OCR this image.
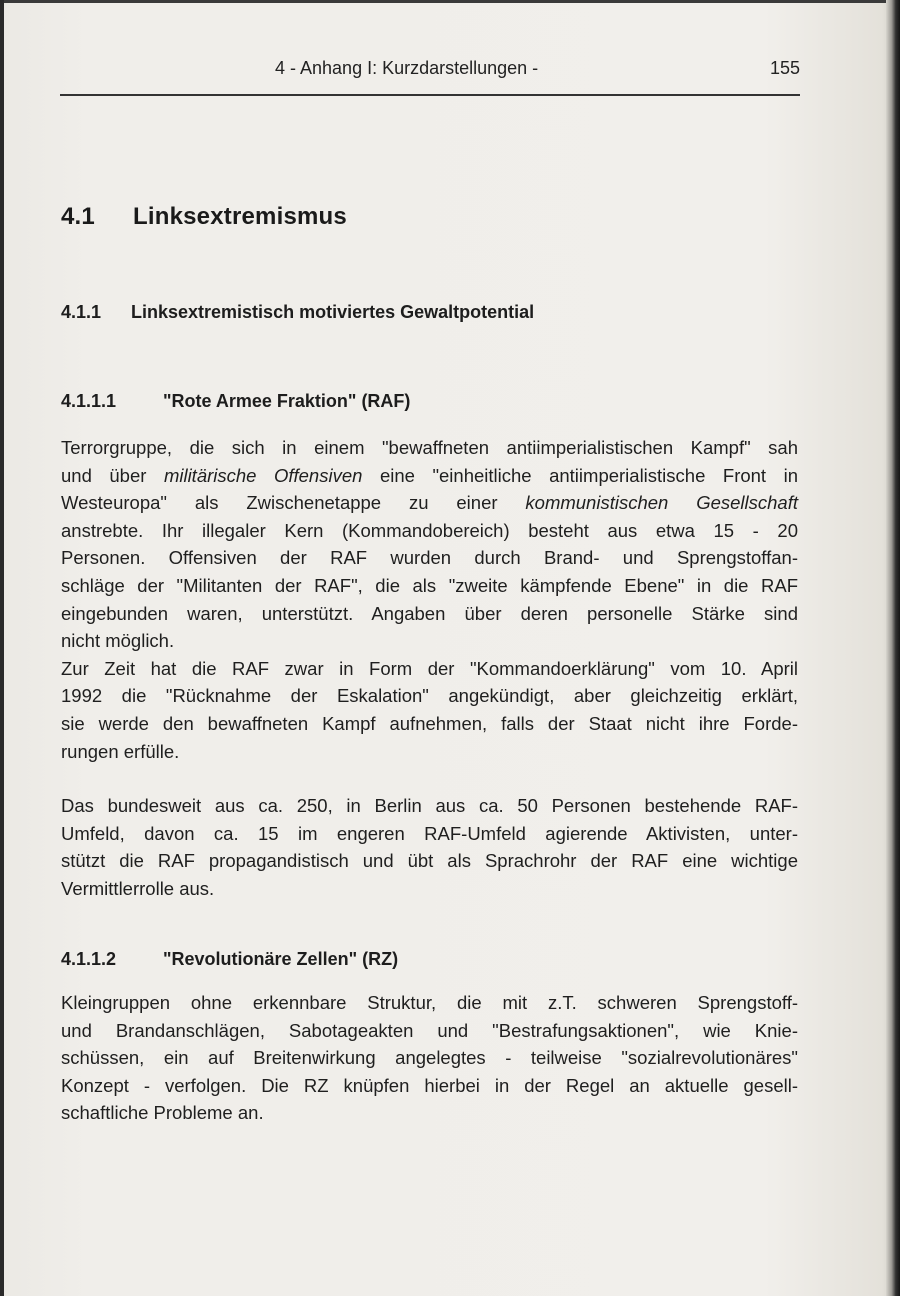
4 - Anhang I: Kurzdarstellungen -	155
4.1 Linksextremismus
4.1.1 Linksextremistisch motiviertes Gewaltpotential
4.1.1.1	"Rote Armee Fraktion" (RAF)
Terrorgruppe, die sich in einem "bewaffneten antiimperialistischen Kampf" sah
und über militärische Offensiven eine "einheitliche antiimperialistische Front in
Westeuropa" als Zwischenetappe zu einer kommunistischen Gesellschaft
anstrebte. Ihr illegaler Kern (Kommandobereich) besteht aus etwa 15 - 20
Personen. Offensiven der RAF wurden durch Brand- und Sprengstoffan-
schläge der "Militanten der RAF", die als "zweite kämpfende Ebene" in die RAF
eingebunden waren, unterstützt. Angaben über deren personelle Stärke sind
nicht möglich.
Zur Zeit hat die RAF zwar in Form der "Kommandoerklärung" vom 10. April
1992 die "Rücknahme der Eskalation" angekündigt, aber gleichzeitig erklärt,
sie werde den bewaffneten Kampf aufnehmen, falls der Staat nicht ihre Forde-
rungen erfülle.
Das bundesweit aus ca. 250, in Berlin aus ca. 50 Personen bestehende RAF-
Umfeld, davon ca. 15 im engeren RAF-Umfeld agierende Aktivisten, unter-
stützt die RAF propagandistisch und übt als Sprachrohr der RAF eine wichtige
Vermittlerrolle aus.
4.1.1.2	"Revolutionäre Zellen" (RZ)
Kleingruppen ohne erkennbare Struktur, die mit z.T. schweren Sprengstoff-
und Brandanschlägen, Sabotageakten und "Bestrafungsaktionen", wie Knie-
schüssen, ein auf Breitenwirkung angelegtes - teilweise "sozialrevolutionäres"
Konzept - verfolgen. Die RZ knüpfen hierbei in der Regel an aktuelle gesell-
schaftliche Probleme an.
